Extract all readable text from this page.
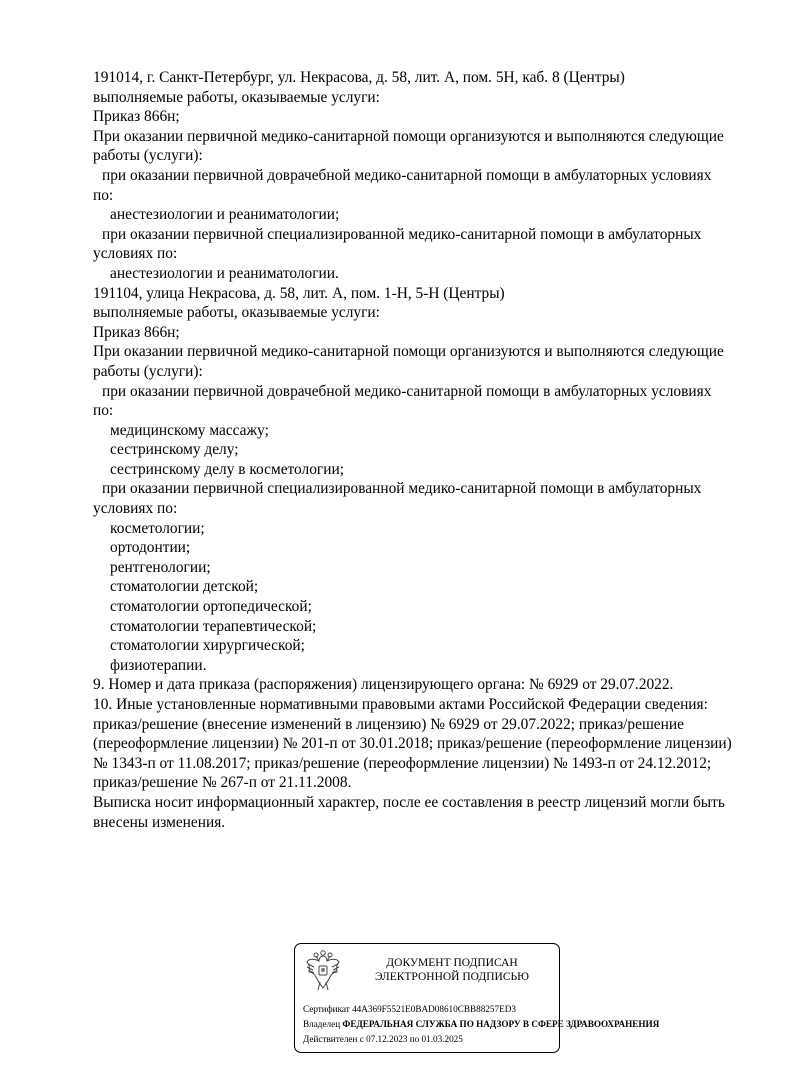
191014, г. Санкт-Петербург, ул. Некрасова, д. 58, лит. А, пом. 5Н, каб. 8 (Центры)
выполняемые работы, оказываемые услуги:
Приказ 866н;
При оказании первичной медико-санитарной помощи организуются и выполняются следующие
работы (услуги):
при оказании первичной доврачебной медико-санитарной помощи в амбулаторных условиях
по:
анестезиологии и реаниматологии;
при оказании первичной специализированной медико-санитарной помощи в амбулаторных
условиях по:
анестезиологии и реаниматологии.
191104, улица Некрасова, д. 58, лит. А, пом. 1-Н, 5-Н (Центры)
выполняемые работы, оказываемые услуги:
Приказ 866н;
При оказании первичной медико-санитарной помощи организуются и выполняются следующие
работы (услуги):
при оказании первичной доврачебной медико-санитарной помощи в амбулаторных условиях
по:
медицинскому массажу;
сестринскому делу;
сестринскому делу в косметологии;
при оказании первичной специализированной медико-санитарной помощи в амбулаторных
условиях по:
косметологии;
ортодонтии;
рентгенологии;
стоматологии детской;
стоматологии ортопедической;
стоматологии терапевтической;
стоматологии хирургической;
физиотерапии.
9. Номер и дата приказа (распоряжения) лицензирующего органа: № 6929 от 29.07.2022.
10. Иные установленные нормативными правовыми актами Российской Федерации сведения:
приказ/решение (внесение изменений в лицензию) № 6929 от 29.07.2022; приказ/решение
(переоформление лицензии) № 201-п от 30.01.2018; приказ/решение (переоформление лицензии)
№ 1343-п от 11.08.2017; приказ/решение (переоформление лицензии) № 1493-п от 24.12.2012;
приказ/решение № 267-п от 21.11.2008.
Выписка носит информационный характер, после ее составления в реестр лицензий могли быть
внесены изменения.
ДОКУМЕНТ ПОДПИСАН
ЭЛЕКТРОННОЙ ПОДПИСЬЮ
Сертификат 44A369F5521E0BAD08610CBB88257ED3
Владелец ФЕДЕРАЛЬНАЯ СЛУЖБА ПО НАДЗОРУ В СФЕРЕ ЗДРАВООХРАНЕНИЯ
Действителен с 07.12.2023 по 01.03.2025
